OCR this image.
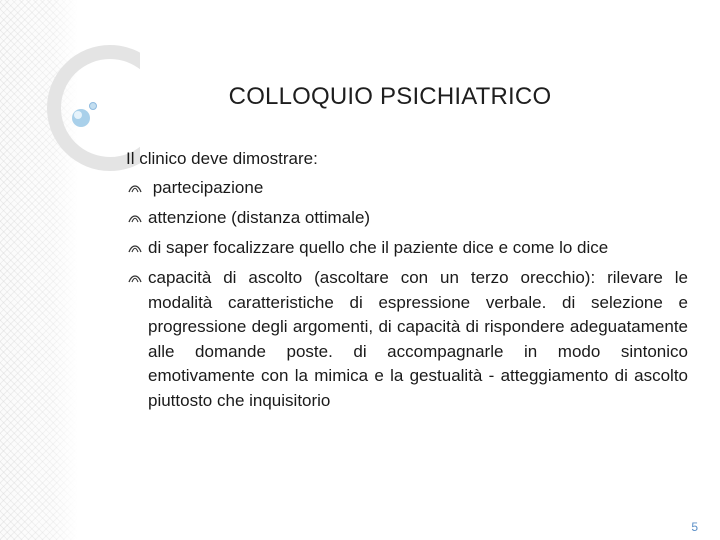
COLLOQUIO PSICHIATRICO
Il clinico deve dimostrare:
partecipazione
attenzione (distanza ottimale)
di saper focalizzare quello che il paziente dice e come lo dice
capacità di ascolto (ascoltare con un terzo orecchio): rilevare le modalità caratteristiche di espressione verbale. di selezione e progressione degli argomenti, di capacità di rispondere adeguatamente alle domande poste. di accompagnarle in modo sintonico emotivamente con la mimica e la gestualità - atteggiamento di ascolto piuttosto che inquisitorio
5
